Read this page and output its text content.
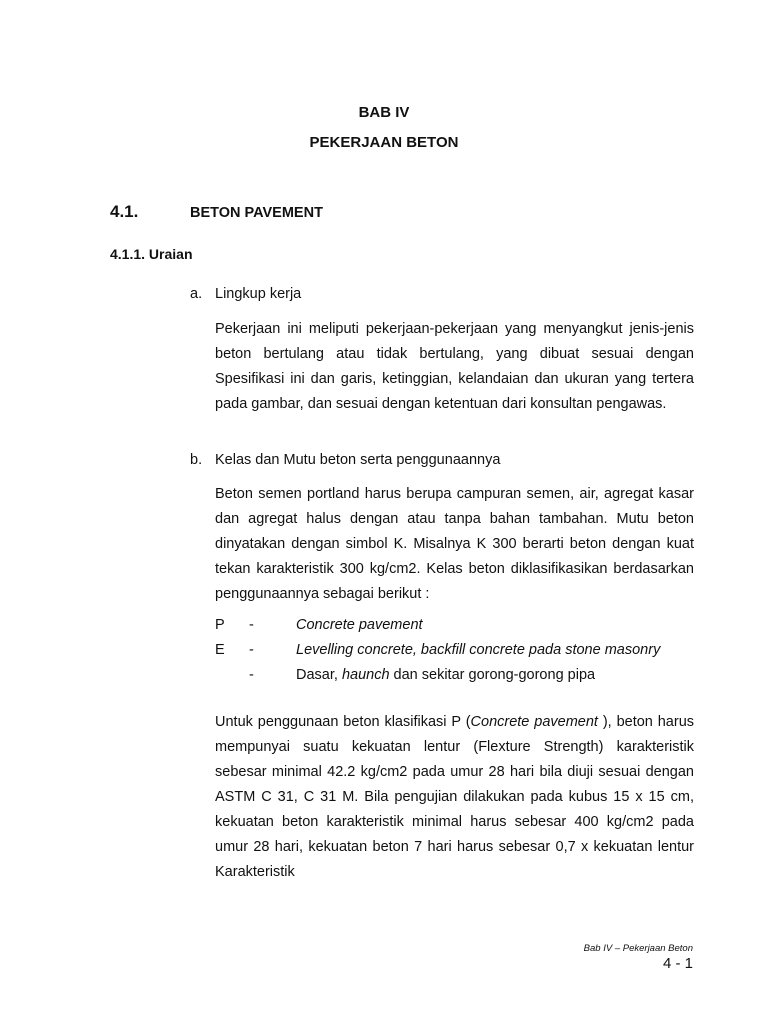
BAB IV
PEKERJAAN BETON
4.1.	BETON PAVEMENT
4.1.1. Uraian
a. Lingkup kerja
Pekerjaan ini meliputi pekerjaan-pekerjaan yang menyangkut jenis-jenis beton bertulang atau tidak bertulang, yang dibuat sesuai dengan Spesifikasi ini dan garis, ketinggian, kelandaian dan ukuran yang tertera pada gambar, dan sesuai dengan ketentuan dari konsultan pengawas.
b. Kelas dan Mutu beton serta penggunaannya
Beton semen portland harus berupa campuran semen, air, agregat kasar dan agregat halus dengan atau tanpa bahan tambahan. Mutu beton dinyatakan dengan simbol K. Misalnya K 300 berarti beton dengan kuat tekan karakteristik 300 kg/cm2. Kelas beton diklasifikasikan berdasarkan penggunaannya sebagai berikut :
P -	Concrete pavement
E -	Levelling concrete, backfill concrete pada stone masonry
-	Dasar, haunch dan sekitar gorong-gorong pipa
Untuk penggunaan beton klasifikasi P (Concrete pavement ), beton harus mempunyai suatu kekuatan lentur (Flexture Strength) karakteristik sebesar minimal 42.2 kg/cm2 pada umur 28 hari bila diuji sesuai dengan ASTM C 31, C 31 M. Bila pengujian dilakukan pada kubus 15 x 15 cm, kekuatan beton karakteristik minimal harus sebesar 400 kg/cm2 pada umur 28 hari, kekuatan beton 7 hari harus sebesar 0,7 x kekuatan lentur Karakteristik
Bab IV – Pekerjaan Beton
4 - 1
